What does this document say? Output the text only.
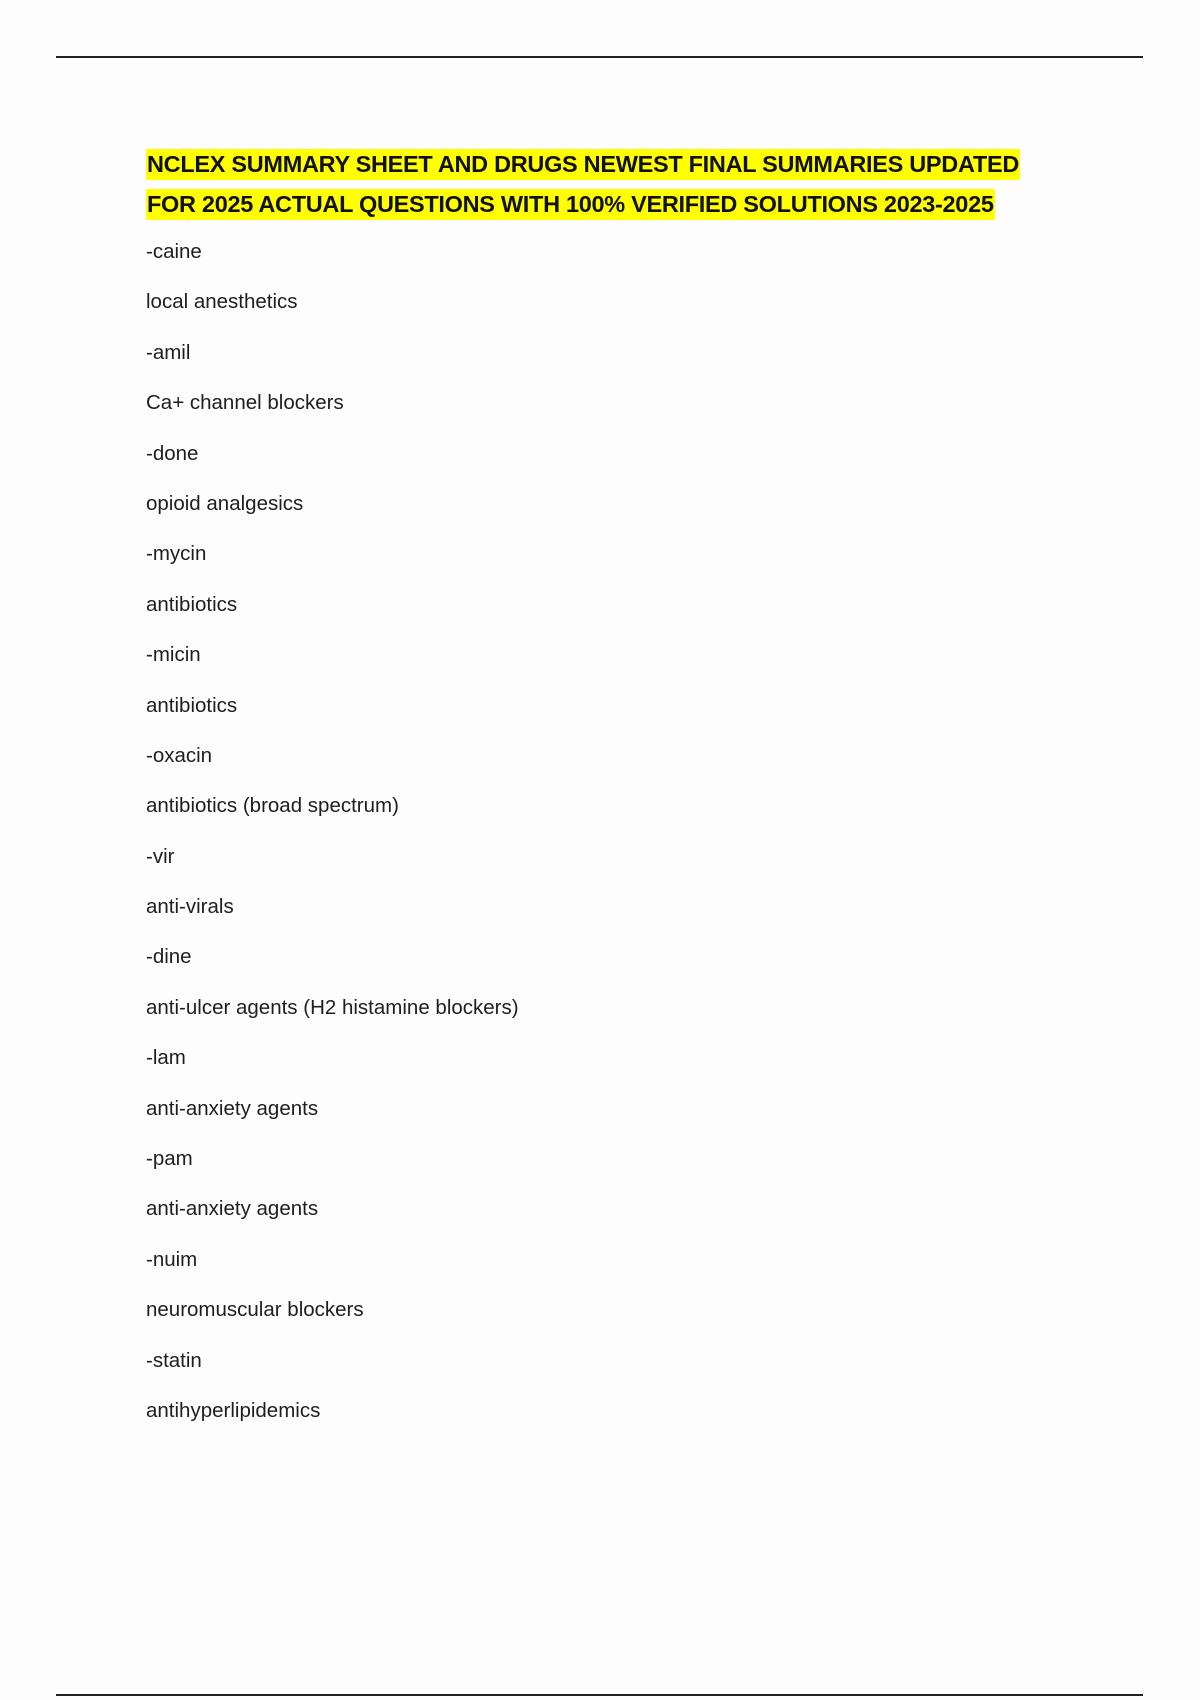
NCLEX SUMMARY SHEET AND DRUGS NEWEST FINAL SUMMARIES UPDATED FOR 2025 ACTUAL QUESTIONS WITH 100% VERIFIED SOLUTIONS 2023-2025
-caine
local anesthetics
-amil
Ca+ channel blockers
-done
opioid analgesics
-mycin
antibiotics
-micin
antibiotics
-oxacin
antibiotics (broad spectrum)
-vir
anti-virals
-dine
anti-ulcer agents (H2 histamine blockers)
-lam
anti-anxiety agents
-pam
anti-anxiety agents
-nuim
neuromuscular blockers
-statin
antihyperlipidemics
